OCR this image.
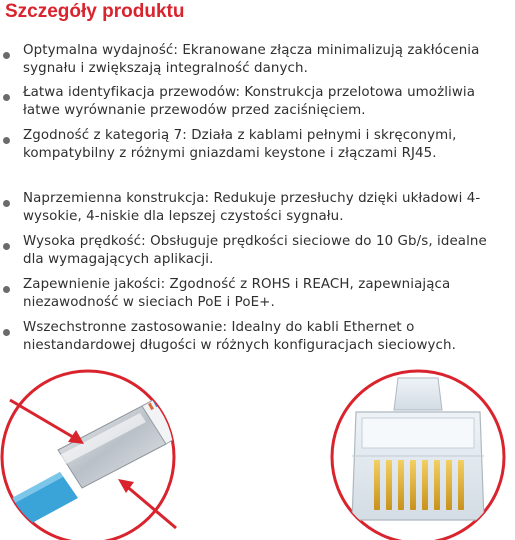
Szczegóły produktu
Optymalna wydajność: Ekranowane złącza minimalizują zakłócenia sygnału i zwiększają integralność danych.
Łatwa identyfikacja przewodów: Konstrukcja przelotowa umożliwia łatwe wyrównanie przewodów przed zaciśnięciem.
Zgodność z kategorią 7: Działa z kablami pełnymi i skręconymi, kompatybilny z różnymi gniazdami keystone i złączami RJ45.
Naprzemienna konstrukcja: Redukuje przesłuchy dzięki układowi 4-wysokie, 4-niskie dla lepszej czystości sygnału.
Wysoka prędkość: Obsługuje prędkości sieciowe do 10 Gb/s, idealne dla wymagających aplikacji.
Zapewnienie jakości: Zgodność z ROHS i REACH, zapewniająca niezawodność w sieciach PoE i PoE+.
Wszechstronne zastosowanie: Idealny do kabli Ethernet o niestandardowej długości w różnych konfiguracjach sieciowych.
